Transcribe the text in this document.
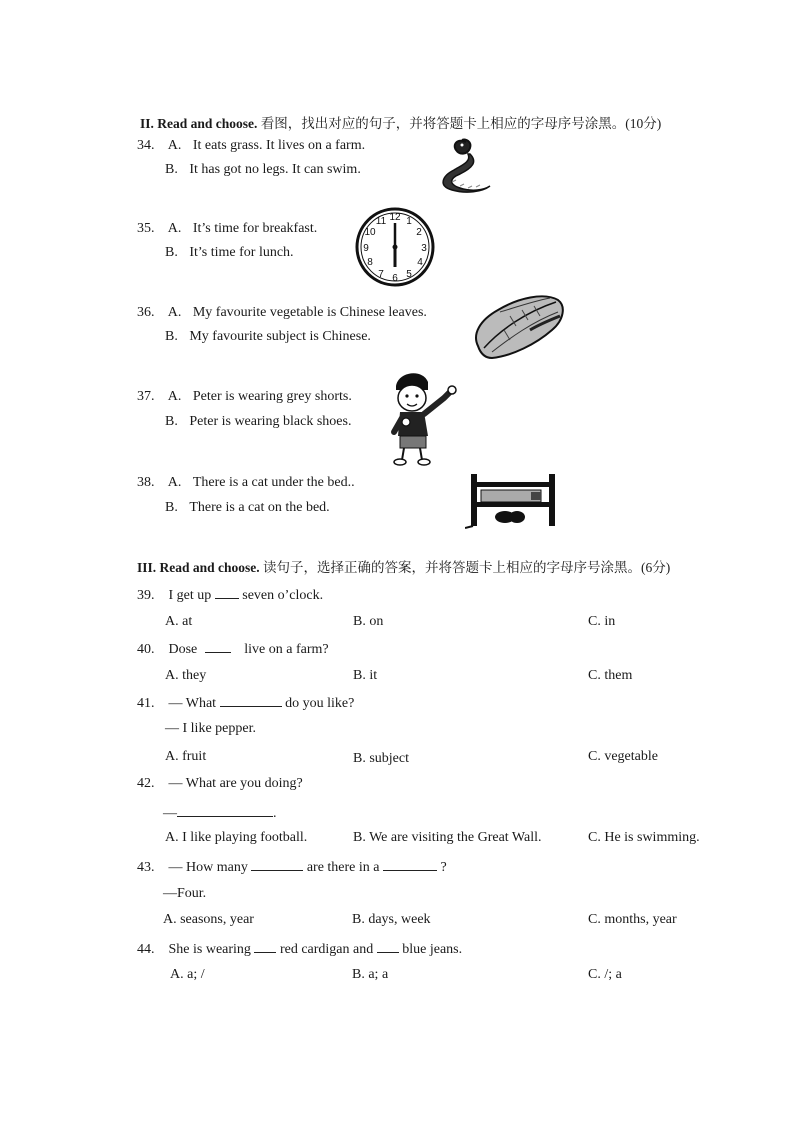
II. Read and choose. 看图，找出对应的句子，并将答题卡上相应的字母序号涂黑。(10分)
34. A. It eats grass. It lives on a farm.
B. It has got no legs. It can swim.
35. A. It’s time for breakfast.
B. It’s time for lunch.
12 1
2
3
4
5
6
7
8
9
10
11
36. A. My favourite vegetable is Chinese leaves.
B. My favourite subject is Chinese.
37. A. Peter is wearing grey shorts.
B. Peter is wearing black shoes.
38. A. There is a cat under the bed..
B. There is a cat on the bed.
III. Read and choose. 读句子，选择正确的答案，并将答题卡上相应的字母序号涂黑。(6分)
39. I get up seven o’clock.
A. at	B. on	C. in
40. Dose	live on a farm?
A. they	B. it	C. them
41. — What	do you like?
— I like pepper.
A. fruit	B. subject	C. vegetable
42. — What are you doing?
—	.
A. I like playing football.	B. We are visiting the Great Wall.	C. He is swimming.
43. — How many	are there in a	?
—Four.
A. seasons, year	B. days, week	C. months, year
44. She is wearing red cardigan and blue jeans.
A. a; /	B. a; a	C. /; a
